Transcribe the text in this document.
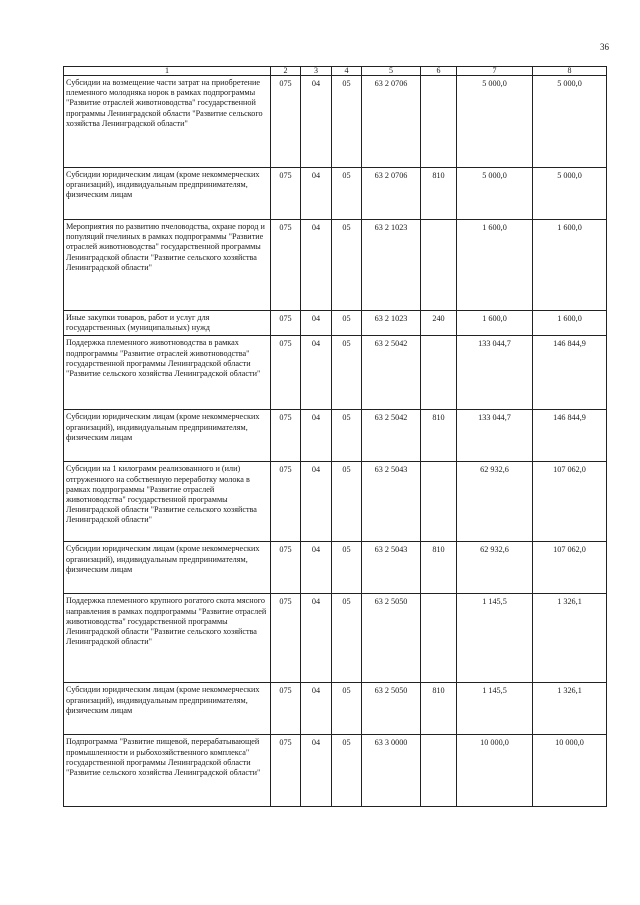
36
1	2	3	4	5	6	7	8
Субсидии на возмещение части затрат на приобретение племенного молодняка норок в рамках подпрограммы "Развитие отраслей животноводства" государственной программы Ленинградской области "Развитие сельского хозяйства Ленинградской области"	075	04	05	63 2 0706		5 000,0	5 000,0
Субсидии юридическим лицам (кроме некоммерческих организаций), индивидуальным предпринимателям, физическим лицам	075	04	05	63 2 0706	810	5 000,0	5 000,0
Мероприятия по развитию пчеловодства, охране пород и популяций пчелиных в рамках подпрограммы "Развитие отраслей животноводства" государственной программы Ленинградской области "Развитие сельского хозяйства Ленинградской области"	075	04	05	63 2 1023		1 600,0	1 600,0
Иные закупки товаров, работ и услуг для государственных (муниципальных) нужд	075	04	05	63 2 1023	240	1 600,0	1 600,0
Поддержка племенного животноводства в рамках подпрограммы "Развитие отраслей животноводства" государственной программы Ленинградской области "Развитие сельского хозяйства Ленинградской области"	075	04	05	63 2 5042		133 044,7	146 844,9
Субсидии юридическим лицам (кроме некоммерческих организаций), индивидуальным предпринимателям, физическим лицам	075	04	05	63 2 5042	810	133 044,7	146 844,9
Субсидии на 1 килограмм реализованного и (или) отгруженного на собственную переработку молока в рамках подпрограммы "Развитие отраслей животноводства" государственной программы Ленинградской области "Развитие сельского хозяйства Ленинградской области"	075	04	05	63 2 5043		62 932,6	107 062,0
Субсидии юридическим лицам (кроме некоммерческих организаций), индивидуальным предпринимателям, физическим лицам	075	04	05	63 2 5043	810	62 932,6	107 062,0
Поддержка племенного крупного рогатого скота мясного направления в рамках подпрограммы "Развитие отраслей животноводства" государственной программы Ленинградской области "Развитие сельского хозяйства Ленинградской области"	075	04	05	63 2 5050		1 145,5	1 326,1
Субсидии юридическим лицам (кроме некоммерческих организаций), индивидуальным предпринимателям, физическим лицам	075	04	05	63 2 5050	810	1 145,5	1 326,1
Подпрограмма "Развитие пищевой, перерабатывающей промышленности и рыбохозяйственного комплекса" государственной программы Ленинградской области "Развитие сельского хозяйства Ленинградской области"	075	04	05	63 3 0000		10 000,0	10 000,0
